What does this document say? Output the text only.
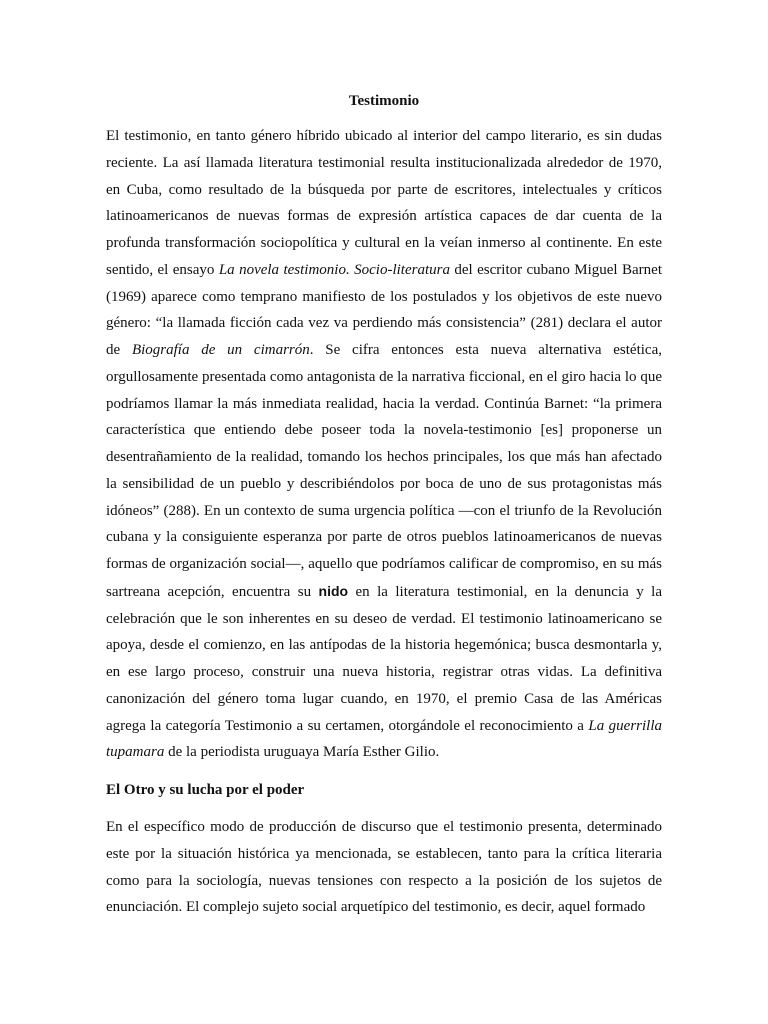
Testimonio

El testimonio, en tanto género híbrido ubicado al interior del campo literario, es sin dudas reciente. La así llamada literatura testimonial resulta institucionalizada alrededor de 1970, en Cuba, como resultado de la búsqueda por parte de escritores, intelectuales y críticos latinoamericanos de nuevas formas de expresión artística capaces de dar cuenta de la profunda transformación sociopolítica y cultural en la veían inmerso al continente. En este sentido, el ensayo La novela testimonio. Socio-literatura del escritor cubano Miguel Barnet (1969) aparece como temprano manifiesto de los postulados y los objetivos de este nuevo género: “la llamada ficción cada vez va perdiendo más consistencia” (281) declara el autor de Biografía de un cimarrón. Se cifra entonces esta nueva alternativa estética, orgullosamente presentada como antagonista de la narrativa ficcional, en el giro hacia lo que podríamos llamar la más inmediata realidad, hacia la verdad. Continúa Barnet: “la primera característica que entiendo debe poseer toda la novela-testimonio [es] proponerse un desentrañamiento de la realidad, tomando los hechos principales, los que más han afectado la sensibilidad de un pueblo y describiéndolos por boca de uno de sus protagonistas más idóneos” (288). En un contexto de suma urgencia política —con el triunfo de la Revolución cubana y la consiguiente esperanza por parte de otros pueblos latinoamericanos de nuevas formas de organización social—, aquello que podríamos calificar de compromiso, en su más sartreana acepción, encuentra su nido en la literatura testimonial, en la denuncia y la celebración que le son inherentes en su deseo de verdad. El testimonio latinoamericano se apoya, desde el comienzo, en las antípodas de la historia hegemónica; busca desmontarla y, en ese largo proceso, construir una nueva historia, registrar otras vidas. La definitiva canonización del género toma lugar cuando, en 1970, el premio Casa de las Américas agrega la categoría Testimonio a su certamen, otorgándole el reconocimiento a La guerrilla tupamara de la periodista uruguaya María Esther Gilio.

El Otro y su lucha por el poder

En el específico modo de producción de discurso que el testimonio presenta, determinado este por la situación histórica ya mencionada, se establecen, tanto para la crítica literaria como para la sociología, nuevas tensiones con respecto a la posición de los sujetos de enunciación. El complejo sujeto social arquetípico del testimonio, es decir, aquel formado
